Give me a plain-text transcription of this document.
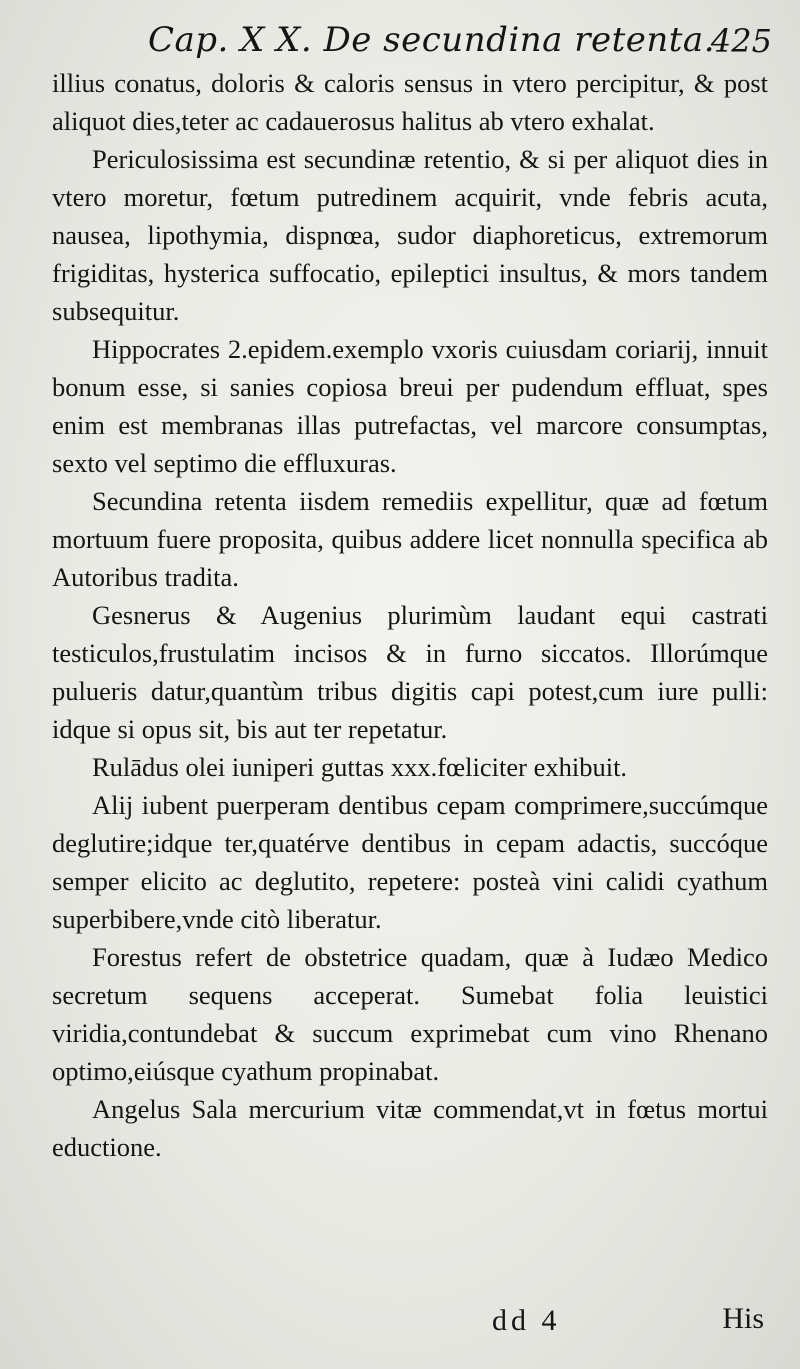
Cap. X X. De secundina retenta.
425

illius conatus, doloris & caloris sensus in vtero percipitur, & post aliquot dies,teter ac cadauerosus halitus ab vtero exhalat.

Periculosissima est secundinæ retentio, & si per aliquot dies in vtero moretur, fœtum putredinem acquirit, vnde febris acuta, nausea, lipothymia, dispnœa, sudor diaphoreticus, extremorum frigiditas, hysterica suffocatio, epileptici insultus, & mors tandem subsequitur.

Hippocrates 2.epidem.exemplo vxoris cuiusdam coriarij, innuit bonum esse, si sanies copiosa breui per pudendum effluat, spes enim est membranas illas putrefactas, vel marcore consumptas, sexto vel septimo die effluxuras.

Secundina retenta iisdem remediis expellitur, quæ ad fœtum mortuum fuere proposita, quibus addere licet nonnulla specifica ab Autoribus tradita.

Gesnerus & Augenius plurimùm laudant equi castrati testiculos,frustulatim incisos & in furno siccatos. Illorúmque pulueris datur,quantùm tribus digitis capi potest,cum iure pulli: idque si opus sit, bis aut ter repetatur.

Rulādus olei iuniperi guttas xxx.fœliciter exhibuit.

Alij iubent puerperam dentibus cepam comprimere,succúmque deglutire;idque ter,quatérve dentibus in cepam adactis, succóque semper elicito ac deglutito, repetere: posteà vini calidi cyathum superbibere,vnde citò liberatur.

Forestus refert de obstetrice quadam, quæ à Iudæo Medico secretum sequens acceperat. Sumebat folia leuistici viridia,contundebat & succum exprimebat cum vino Rhenano optimo,eiúsque cyathum propinabat.

Angelus Sala mercurium vitæ commendat,vt in fœtus mortui eductione.

dd 4	His
